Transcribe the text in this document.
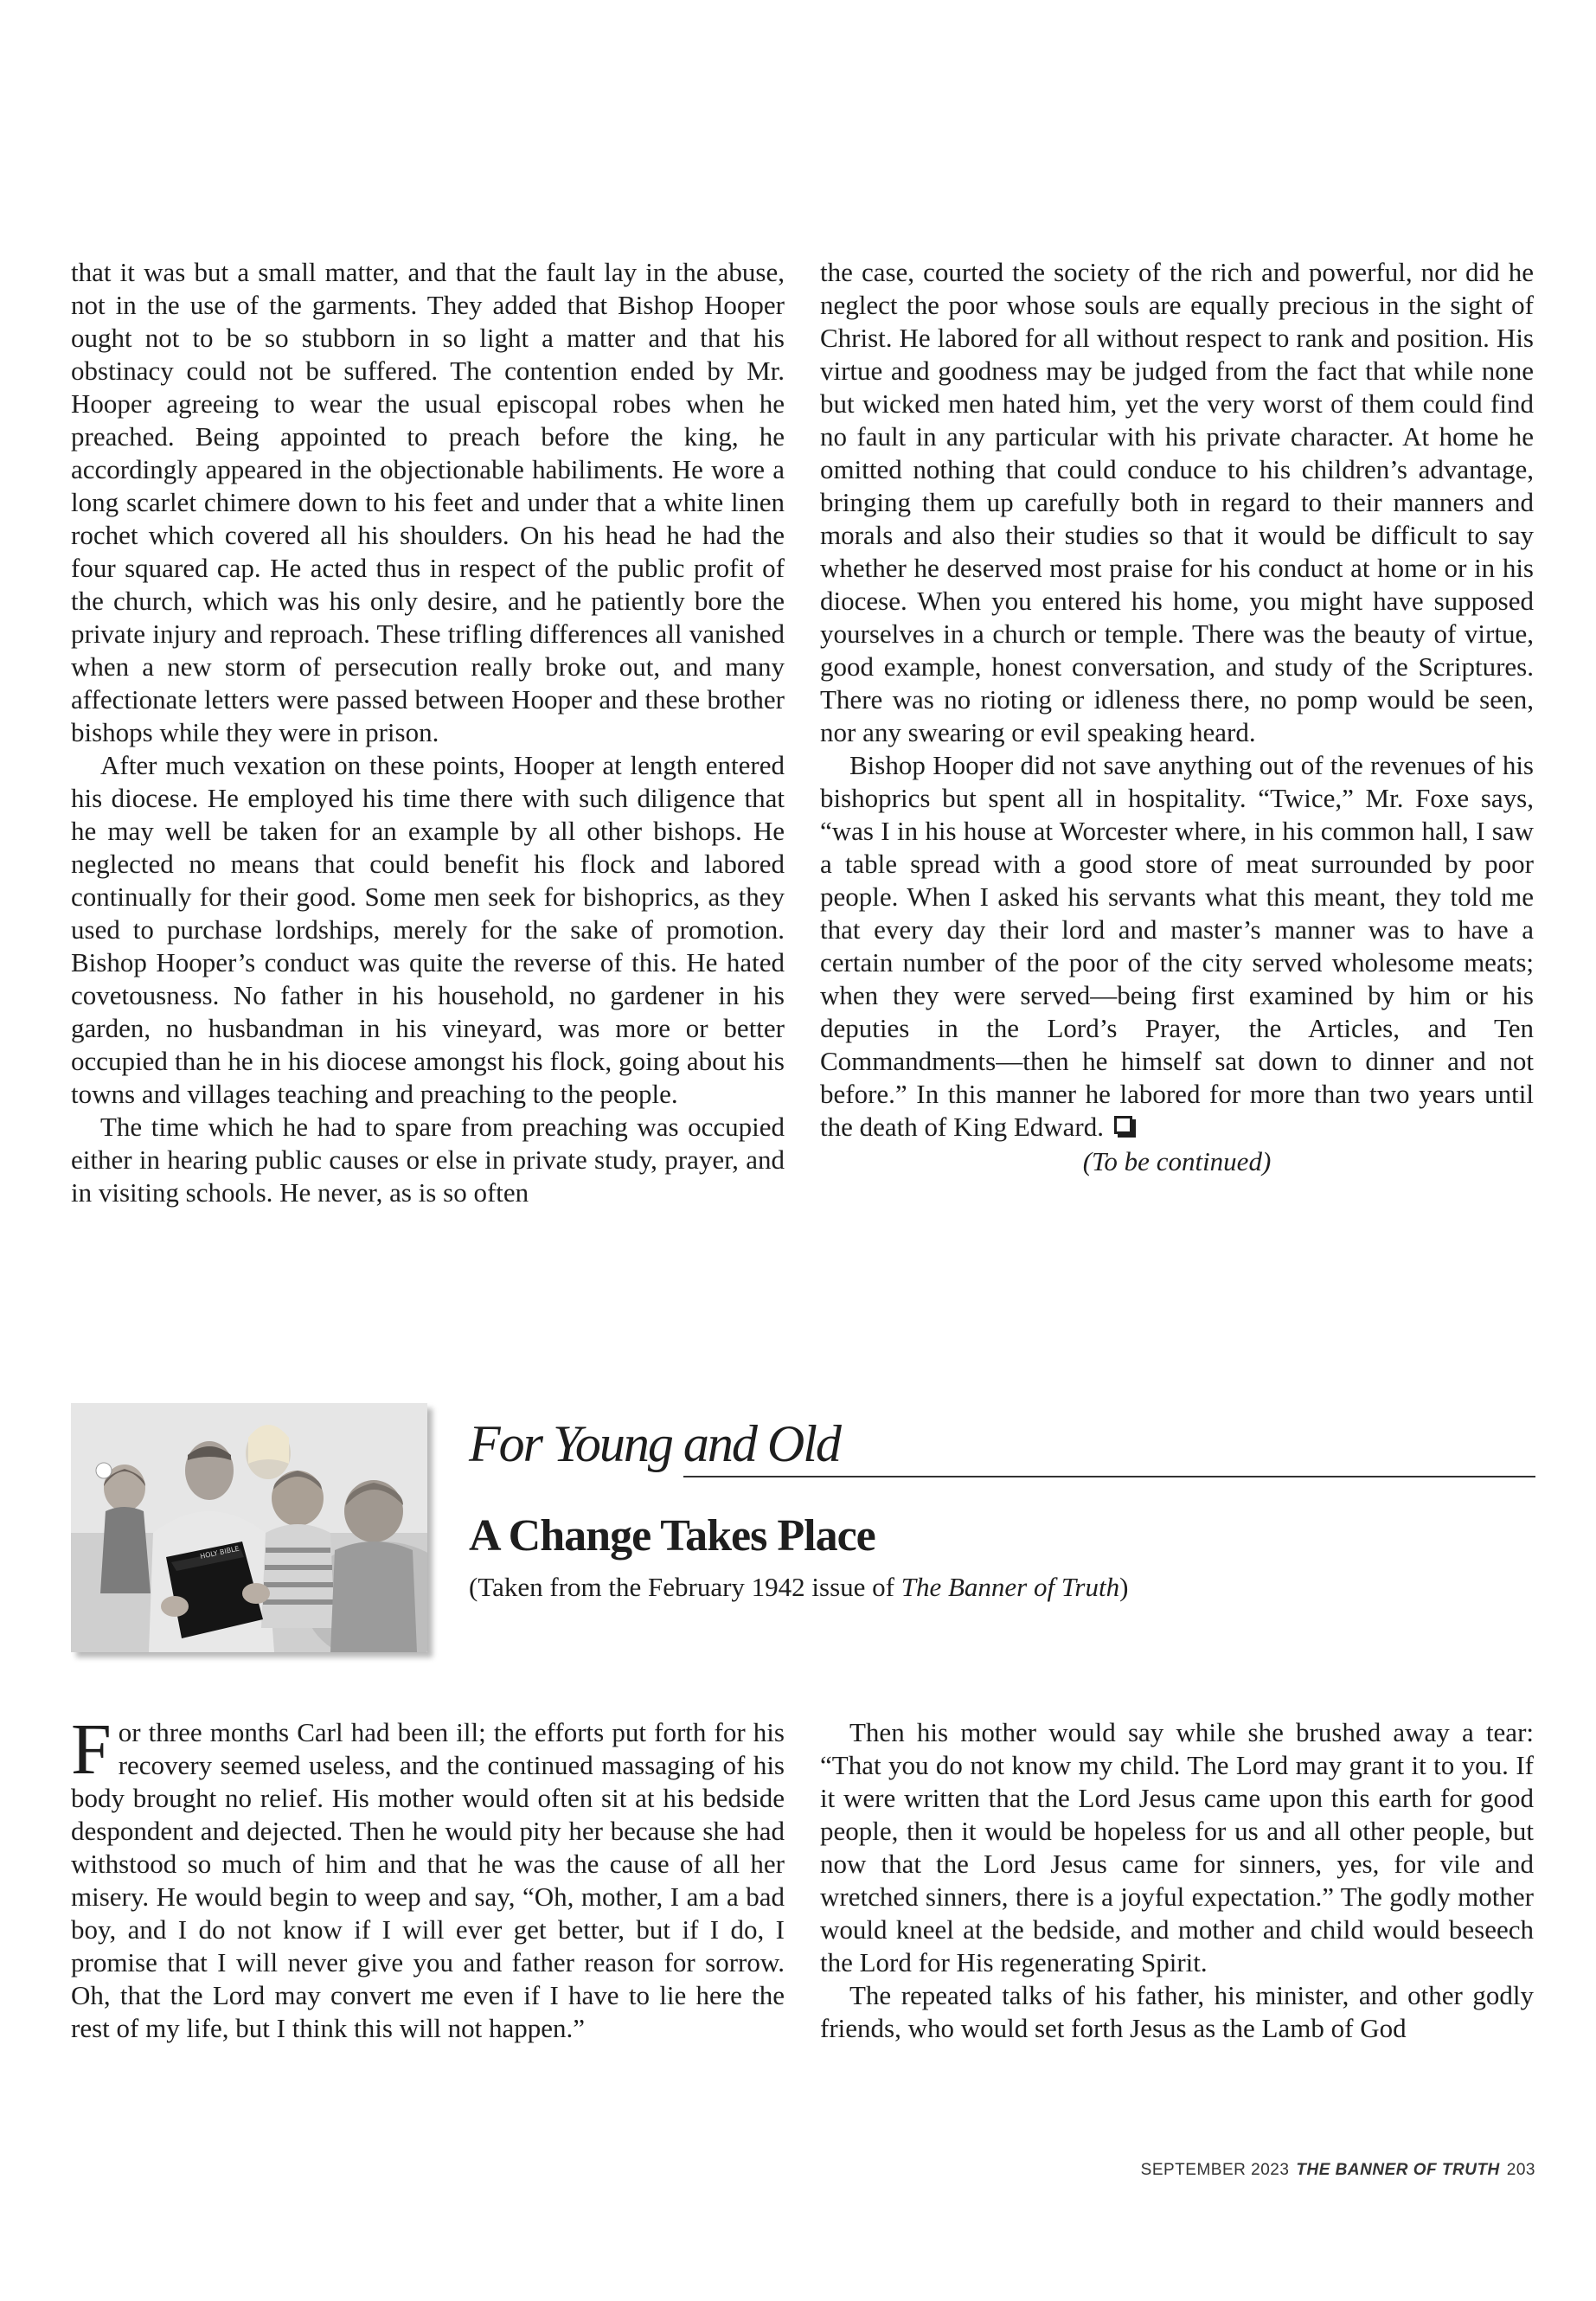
that it was but a small matter, and that the fault lay in the abuse, not in the use of the garments. They added that Bishop Hooper ought not to be so stubborn in so light a matter and that his obstinacy could not be suffered. The contention ended by Mr. Hooper agreeing to wear the usual episcopal robes when he preached. Being appointed to preach before the king, he accordingly appeared in the objectionable habiliments. He wore a long scarlet chimere down to his feet and under that a white linen rochet which covered all his shoulders. On his head he had the four squared cap. He acted thus in respect of the public profit of the church, which was his only desire, and he patiently bore the private injury and reproach. These trifling differences all vanished when a new storm of persecution really broke out, and many affectionate letters were passed between Hooper and these brother bishops while they were in prison.

After much vexation on these points, Hooper at length entered his diocese. He employed his time there with such diligence that he may well be taken for an example by all other bishops. He neglected no means that could benefit his flock and labored continually for their good. Some men seek for bishoprics, as they used to purchase lordships, merely for the sake of promotion. Bishop Hooper’s conduct was quite the reverse of this. He hated covetousness. No father in his household, no gardener in his garden, no husbandman in his vineyard, was more or better occupied than he in his diocese amongst his flock, going about his towns and villages teaching and preaching to the people.

The time which he had to spare from preaching was occupied either in hearing public causes or else in private study, prayer, and in visiting schools. He never, as is so often

the case, courted the society of the rich and powerful, nor did he neglect the poor whose souls are equally precious in the sight of Christ. He labored for all without respect to rank and position. His virtue and goodness may be judged from the fact that while none but wicked men hated him, yet the very worst of them could find no fault in any particular with his private character. At home he omitted nothing that could conduce to his children’s advantage, bringing them up carefully both in regard to their manners and morals and also their studies so that it would be difficult to say whether he deserved most praise for his conduct at home or in his diocese. When you entered his home, you might have supposed yourselves in a church or temple. There was the beauty of virtue, good example, honest conversation, and study of the Scriptures. There was no rioting or idleness there, no pomp would be seen, nor any swearing or evil speaking heard.

Bishop Hooper did not save anything out of the revenues of his bishoprics but spent all in hospitality. “Twice,” Mr. Foxe says, “was I in his house at Worcester where, in his common hall, I saw a table spread with a good store of meat surrounded by poor people. When I asked his servants what this meant, they told me that every day their lord and master’s manner was to have a certain number of the poor of the city served wholesome meats; when they were served—being first examined by him or his deputies in the Lord’s Prayer, the Articles, and Ten Commandments—then he himself sat down to dinner and not before.” In this manner he labored for more than two years until the death of King Edward.

(To be continued)

HOLY BIBLE
For Young and Old
A Change Takes Place
(Taken from the February 1942 issue of The Banner of Truth)

For three months Carl had been ill; the efforts put forth for his recovery seemed useless, and the continued massaging of his body brought no relief. His mother would often sit at his bedside despondent and dejected. Then he would pity her because she had withstood so much of him and that he was the cause of all her misery. He would begin to weep and say, “Oh, mother, I am a bad boy, and I do not know if I will ever get better, but if I do, I promise that I will never give you and father reason for sorrow. Oh, that the Lord may convert me even if I have to lie here the rest of my life, but I think this will not happen.”

Then his mother would say while she brushed away a tear: “That you do not know my child. The Lord may grant it to you. If it were written that the Lord Jesus came upon this earth for good people, then it would be hopeless for us and all other people, but now that the Lord Jesus came for sinners, yes, for vile and wretched sinners, there is a joyful expectation.” The godly mother would kneel at the bedside, and mother and child would beseech the Lord for His regenerating Spirit.

The repeated talks of his father, his minister, and other godly friends, who would set forth Jesus as the Lamb of God

SEPTEMBER 2023 THE BANNER OF TRUTH 203
